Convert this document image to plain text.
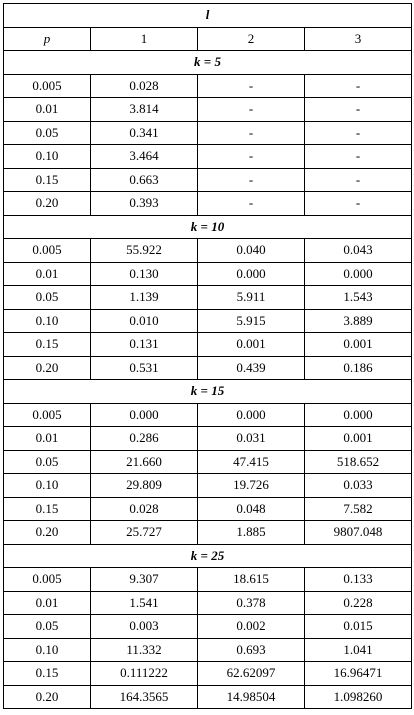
l			
p	1	2	3
k = 5			
0.005	0.028	-	-
0.01	3.814	-	-
0.05	0.341	-	-
0.10	3.464	-	-
0.15	0.663	-	-
0.20	0.393	-	-
k = 10			
0.005	55.922	0.040	0.043
0.01	0.130	0.000	0.000
0.05	1.139	5.911	1.543
0.10	0.010	5.915	3.889
0.15	0.131	0.001	0.001
0.20	0.531	0.439	0.186
k = 15			
0.005	0.000	0.000	0.000
0.01	0.286	0.031	0.001
0.05	21.660	47.415	518.652
0.10	29.809	19.726	0.033
0.15	0.028	0.048	7.582
0.20	25.727	1.885	9807.048
k = 25			
0.005	9.307	18.615	0.133
0.01	1.541	0.378	0.228
0.05	0.003	0.002	0.015
0.10	11.332	0.693	1.041
0.15	0.111222	62.62097	16.96471
0.20	164.3565	14.98504	1.098260
